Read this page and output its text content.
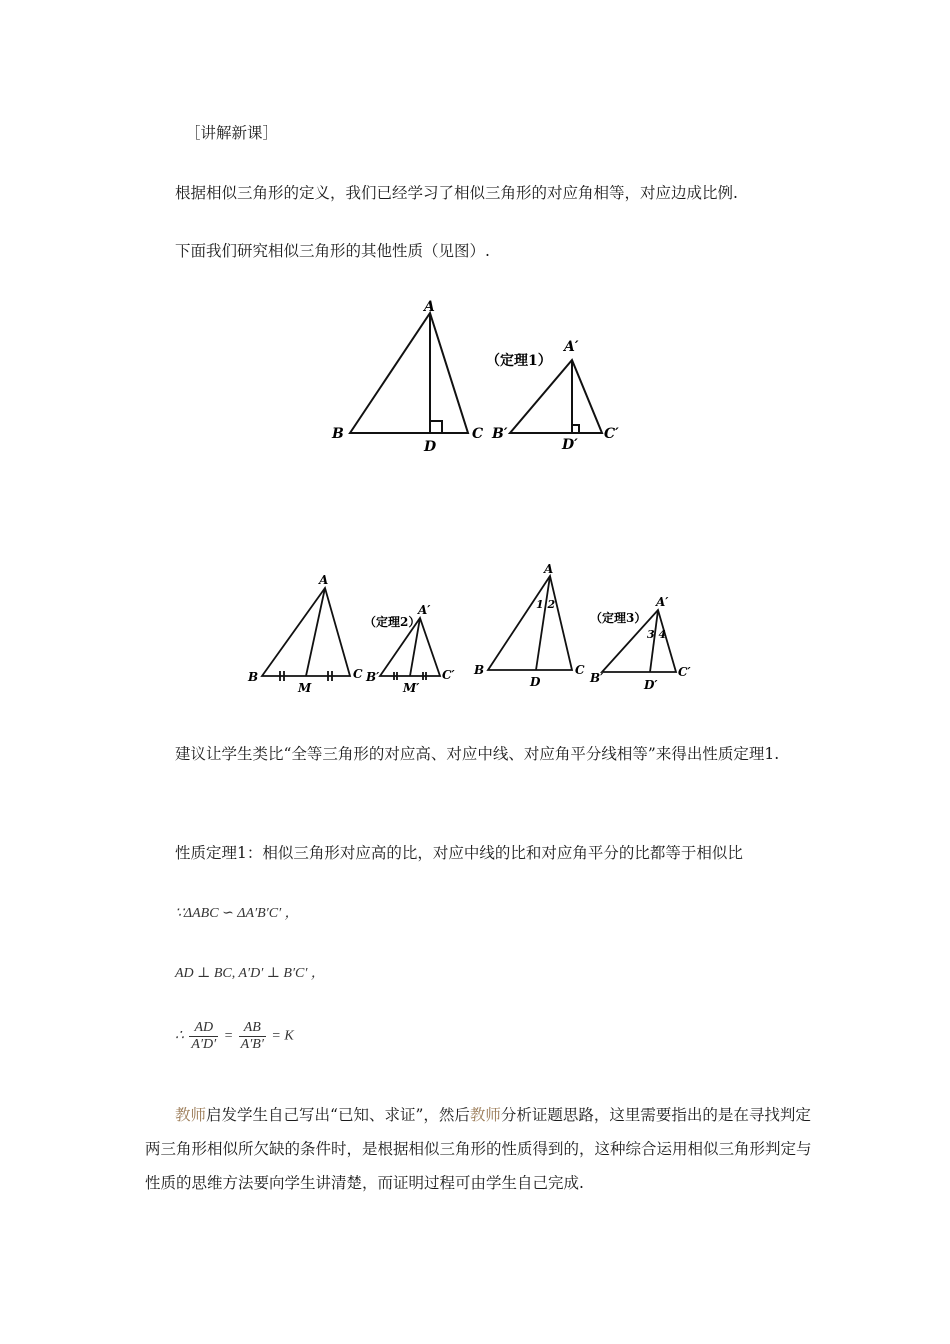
［讲解新课］

根据相似三角形的定义，我们已经学习了相似三角形的对应角相等，对应边成比例.

下面我们研究相似三角形的其他性质（见图）.

A
B	C
D
A′
B′	C′
D′
（定理1）
A
B	C
M
（定理2）
A′
B′	C′
M′
A
1 2
B	C
D
（定理3）
A′
3 4
B′	C′
D′

建议让学生类比“全等三角形的对应高、对应中线、对应角平分线相等”来得出性质定理1.

性质定理1：相似三角形对应高的比，对应中线的比和对应角平分的比都等于相似比

∵ΔABC ∽ ΔA′B′C′ ，
AD ⊥ BC, A′D′ ⊥ B′C′ ，
∴ $\frac{AD}{A'D'} = \frac{AB}{A'B'} = K$

教师启发学生自己写出“已知、求证”，然后教师分析证题思路，这里需要指出的是在寻找判定两三角形相似所欠缺的条件时，是根据相似三角形的性质得到的，这种综合运用相似三角形判定与性质的思维方法要向学生讲清楚，而证明过程可由学生自己完成.
